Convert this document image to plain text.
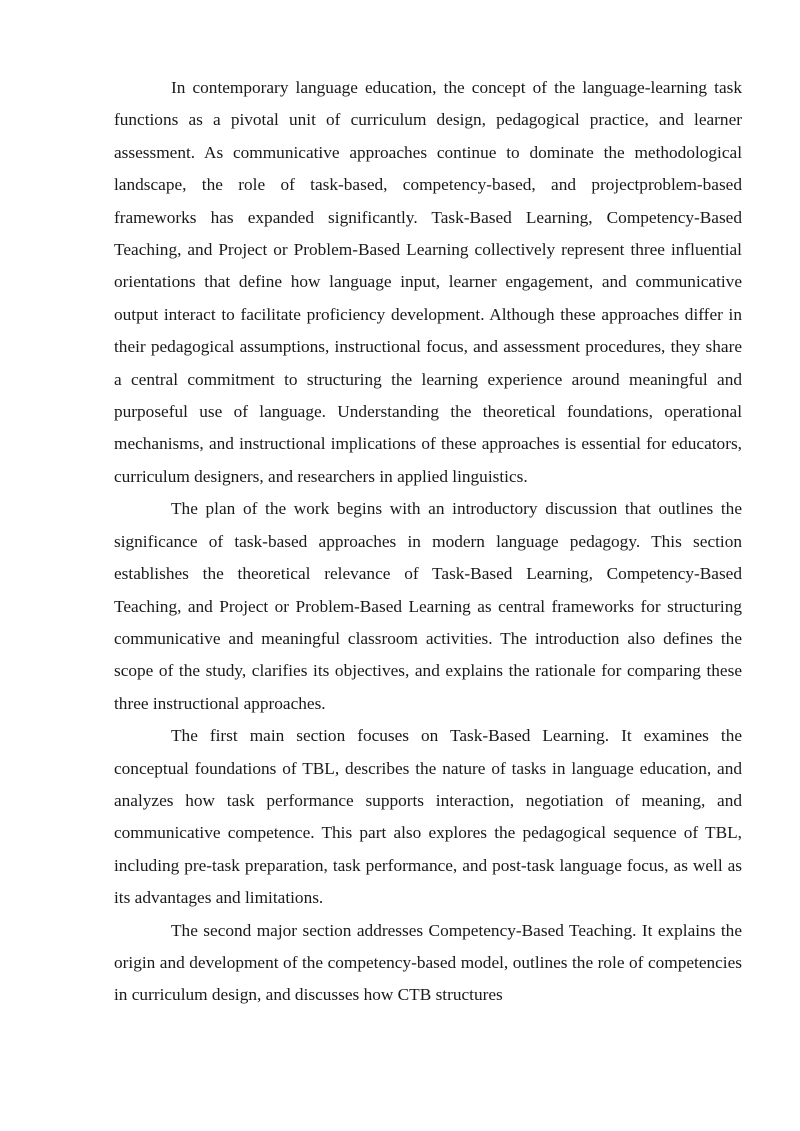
In contemporary language education, the concept of the language-learning task functions as a pivotal unit of curriculum design, pedagogical practice, and learner assessment. As communicative approaches continue to dominate the methodological landscape, the role of task-based, competency-based, and projectproblem-based frameworks has expanded significantly. Task-Based Learning, Competency-Based Teaching, and Project or Problem-Based Learning collectively represent three influential orientations that define how language input, learner engagement, and communicative output interact to facilitate proficiency development. Although these approaches differ in their pedagogical assumptions, instructional focus, and assessment procedures, they share a central commitment to structuring the learning experience around meaningful and purposeful use of language. Understanding the theoretical foundations, operational mechanisms, and instructional implications of these approaches is essential for educators, curriculum designers, and researchers in applied linguistics.

The plan of the work begins with an introductory discussion that outlines the significance of task-based approaches in modern language pedagogy. This section establishes the theoretical relevance of Task-Based Learning, Competency-Based Teaching, and Project or Problem-Based Learning as central frameworks for structuring communicative and meaningful classroom activities. The introduction also defines the scope of the study, clarifies its objectives, and explains the rationale for comparing these three instructional approaches.

The first main section focuses on Task-Based Learning. It examines the conceptual foundations of TBL, describes the nature of tasks in language education, and analyzes how task performance supports interaction, negotiation of meaning, and communicative competence. This part also explores the pedagogical sequence of TBL, including pre-task preparation, task performance, and post-task language focus, as well as its advantages and limitations.

The second major section addresses Competency-Based Teaching. It explains the origin and development of the competency-based model, outlines the role of competencies in curriculum design, and discusses how CTB structures
